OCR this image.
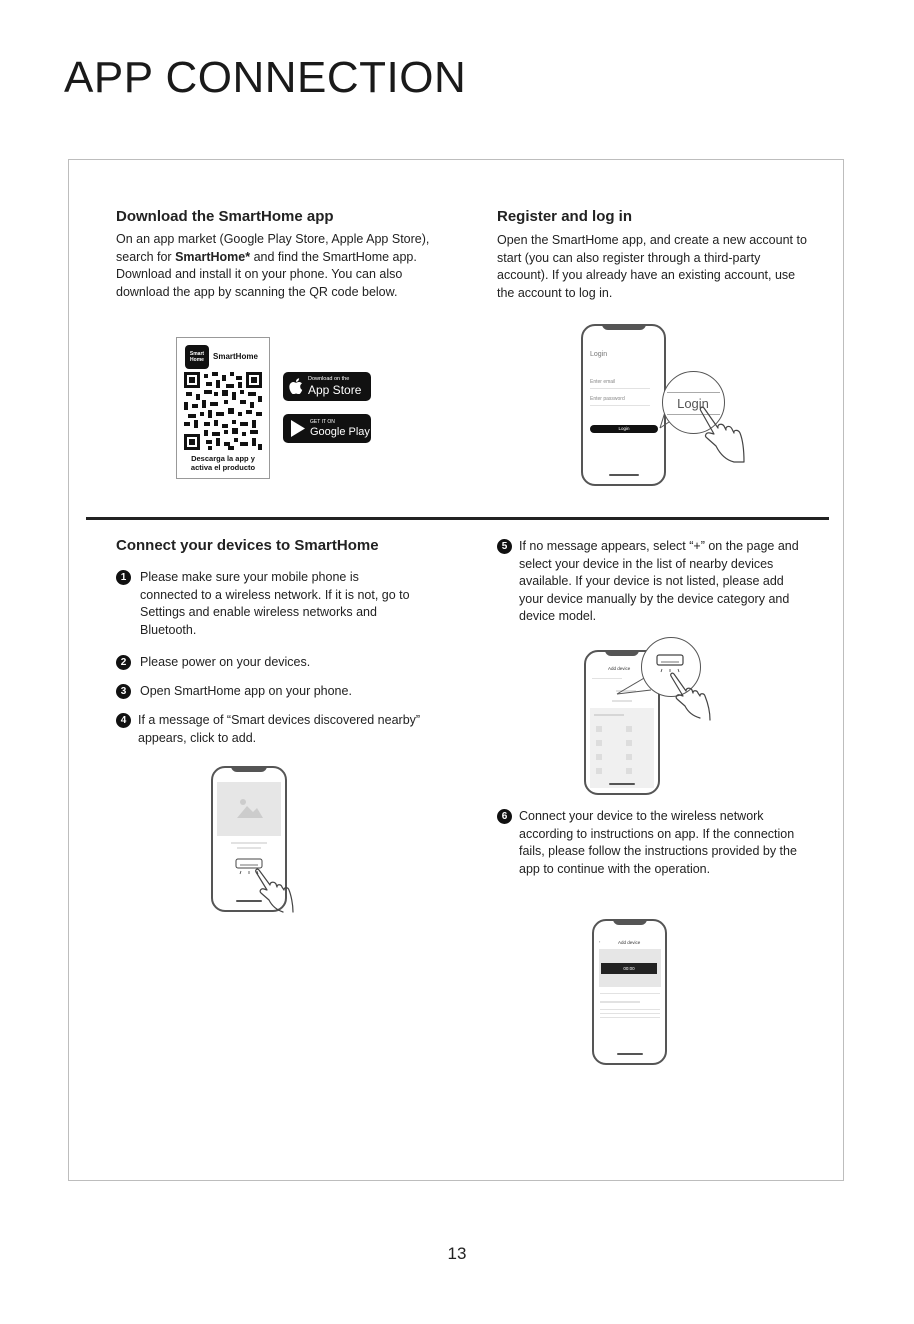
APP CONNECTION
Download the SmartHome app

On an app market (Google Play Store, Apple App Store), search for SmartHome* and find the SmartHome app. Download and install it on your phone. You can also download the app by scanning the QR code below.

Smart Home	SmartHome
Descarga la app y
activa el producto
Download on the
App Store
GET IT ON
Google Play
Register and log in

Open the SmartHome app, and create a new account to start (you can also register through a third-party account). If you already have an existing account, use the account to log in.

Login
Enter email
Enter password
Login
Login
Connect your devices to SmartHome
1	Please make sure your mobile phone is connected to a wireless network. If it is not, go to Settings and enable wireless networks and Bluetooth.
2	Please power on your devices.
3	Open SmartHome app on your phone.
4 If a message of “Smart devices discovered nearby” appears, click to add.
5 If no message appears, select “+” on the page and select your device in the list of nearby devices available. If your device is not listed, please add your device manually by the device category and device model.
Add device
6 Connect your device to the wireless network according to instructions on app. If the connection fails, please follow the instructions provided by the app to continue with the operation.
‹	Add device
00:00
13
